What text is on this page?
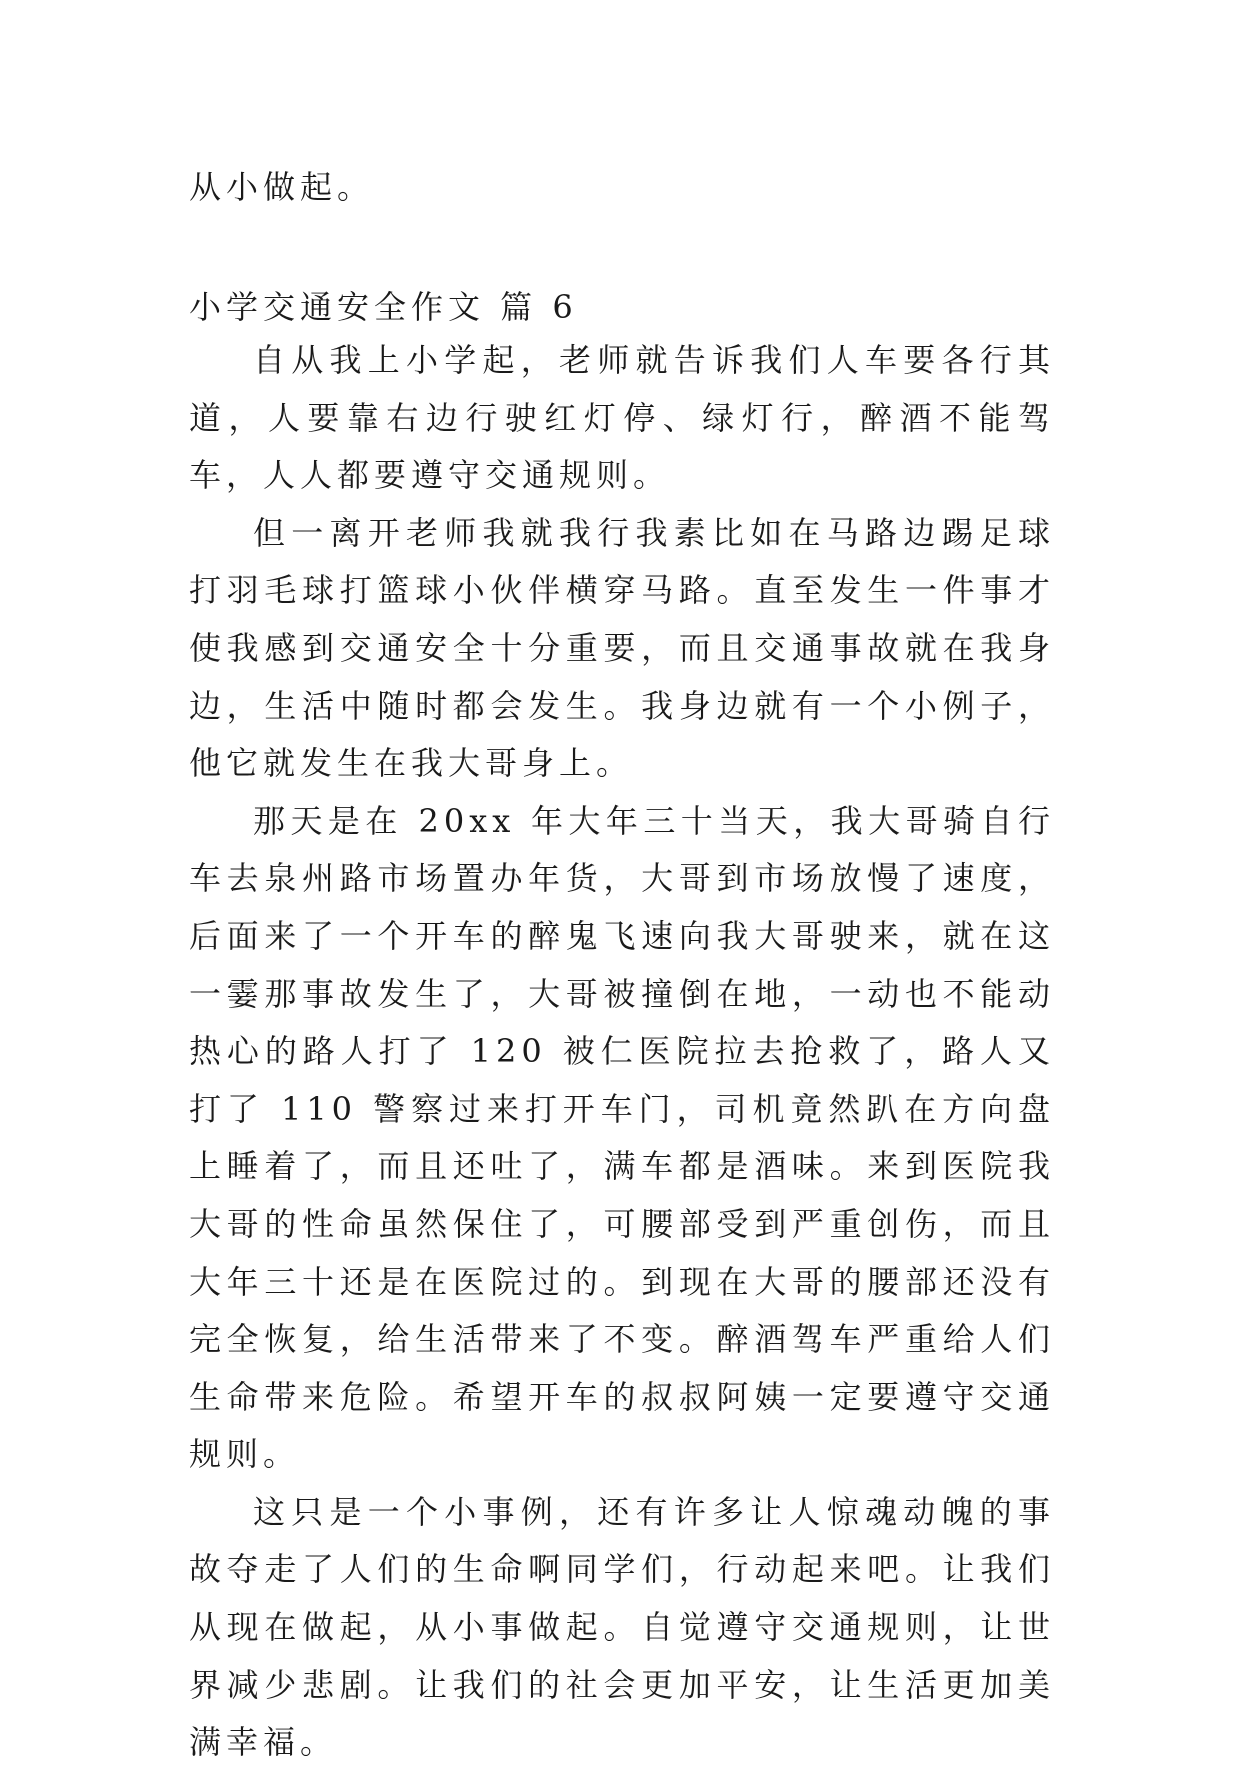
从小做起。
小学交通安全作文 篇 6

自从我上小学起，老师就告诉我们人车要各行其道，人要靠右边行驶红灯停、绿灯行，醉酒不能驾车，人人都要遵守交通规则。

但一离开老师我就我行我素比如在马路边踢足球打羽毛球打篮球小伙伴横穿马路。直至发生一件事才使我感到交通安全十分重要，而且交通事故就在我身边，生活中随时都会发生。我身边就有一个小例子，他它就发生在我大哥身上。

那天是在 20xx 年大年三十当天，我大哥骑自行车去泉州路市场置办年货，大哥到市场放慢了速度，后面来了一个开车的醉鬼飞速向我大哥驶来，就在这一霎那事故发生了，大哥被撞倒在地，一动也不能动热心的路人打了 120 被仁医院拉去抢救了，路人又打了 110 警察过来打开车门，司机竟然趴在方向盘上睡着了，而且还吐了，满车都是酒味。来到医院我大哥的性命虽然保住了，可腰部受到严重创伤，而且大年三十还是在医院过的。到现在大哥的腰部还没有完全恢复，给生活带来了不变。醉酒驾车严重给人们生命带来危险。希望开车的叔叔阿姨一定要遵守交通规则。

这只是一个小事例，还有许多让人惊魂动魄的事故夺走了人们的生命啊同学们，行动起来吧。让我们从现在做起，从小事做起。自觉遵守交通规则，让世界减少悲剧。让我们的社会更加平安，让生活更加美满幸福。
